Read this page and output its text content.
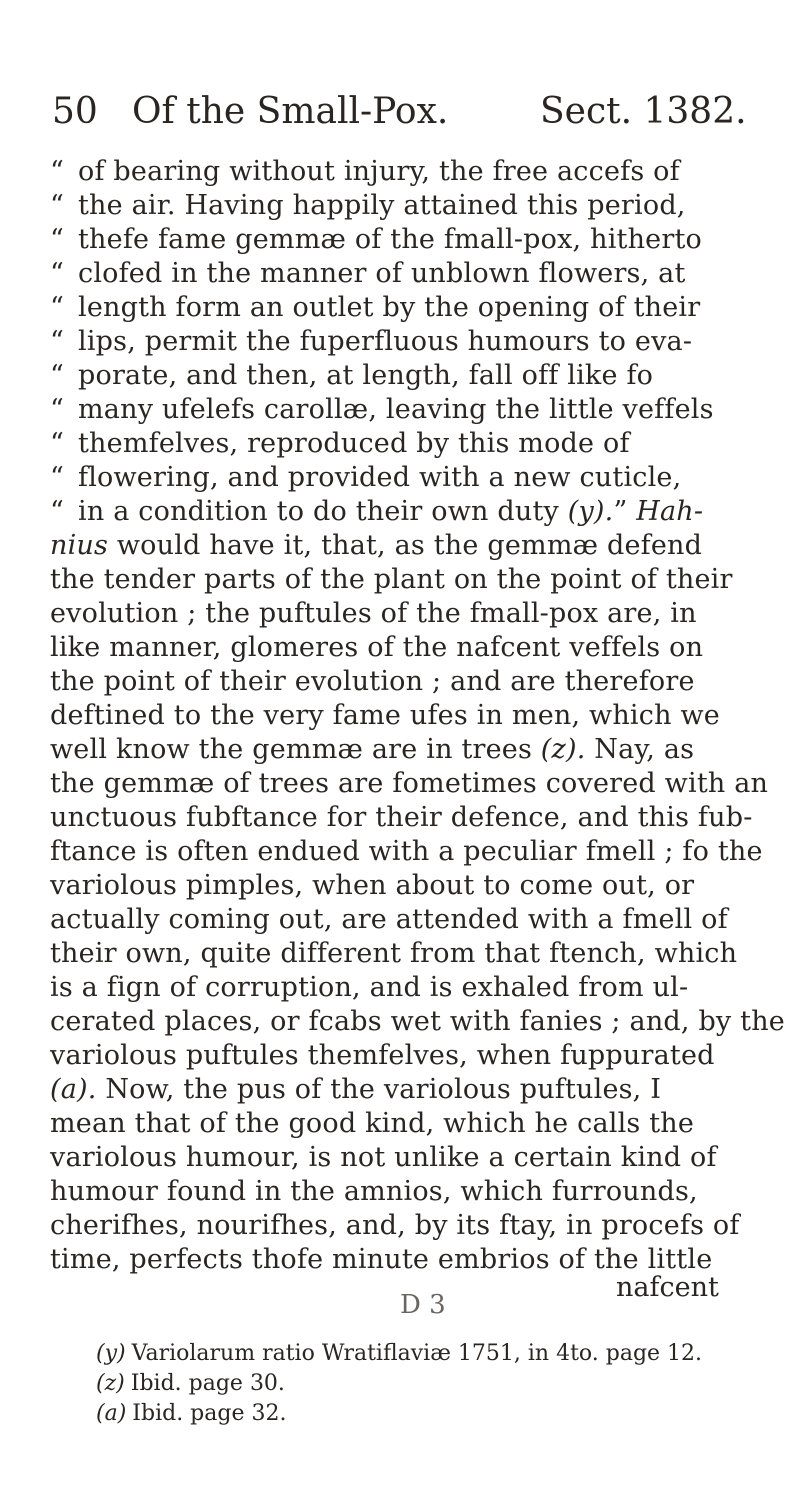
50 Of the Small-Pox.	Sect. 1382.
“ of bearing without injury, the free accefs of
“ the air. Having happily attained this period,
“ thefe fame gemmæ of the fmall-pox, hitherto
“ clofed in the manner of unblown flowers, at
“ length form an outlet by the opening of their
“ lips, permit the fuperfluous humours to eva-
“ porate, and then, at length, fall off like fo
“ many ufelefs carollæ, leaving the little veffels
“ themfelves, reproduced by this mode of
“ flowering, and provided with a new cuticle,
“ in a condition to do their own duty (y).” Hah-
nius would have it, that, as the gemmæ defend
the tender parts of the plant on the point of their
evolution ; the puftules of the fmall-pox are, in
like manner, glomeres of the nafcent veffels on
the point of their evolution ; and are therefore
deftined to the very fame ufes in men, which we
well know the gemmæ are in trees (z). Nay, as
the gemmæ of trees are fometimes covered with an
unctuous fubftance for their defence, and this fub-
ftance is often endued with a peculiar fmell ; fo the
variolous pimples, when about to come out, or
actually coming out, are attended with a fmell of
their own, quite different from that ftench, which
is a fign of corruption, and is exhaled from ul-
cerated places, or fcabs wet with fanies ; and, by the
variolous puftules themfelves, when fuppurated
(a). Now, the pus of the variolous puftules, I
mean that of the good kind, which he calls the
variolous humour, is not unlike a certain kind of
humour found in the amnios, which furrounds,
cherifhes, nourifhes, and, by its ftay, in procefs of
time, perfects thofe minute embrios of the little
D 3
nafcent
(y) Variolarum ratio Wratiflaviæ 1751, in 4to. page 12.
(z) Ibid. page 30.
(a) Ibid. page 32.
